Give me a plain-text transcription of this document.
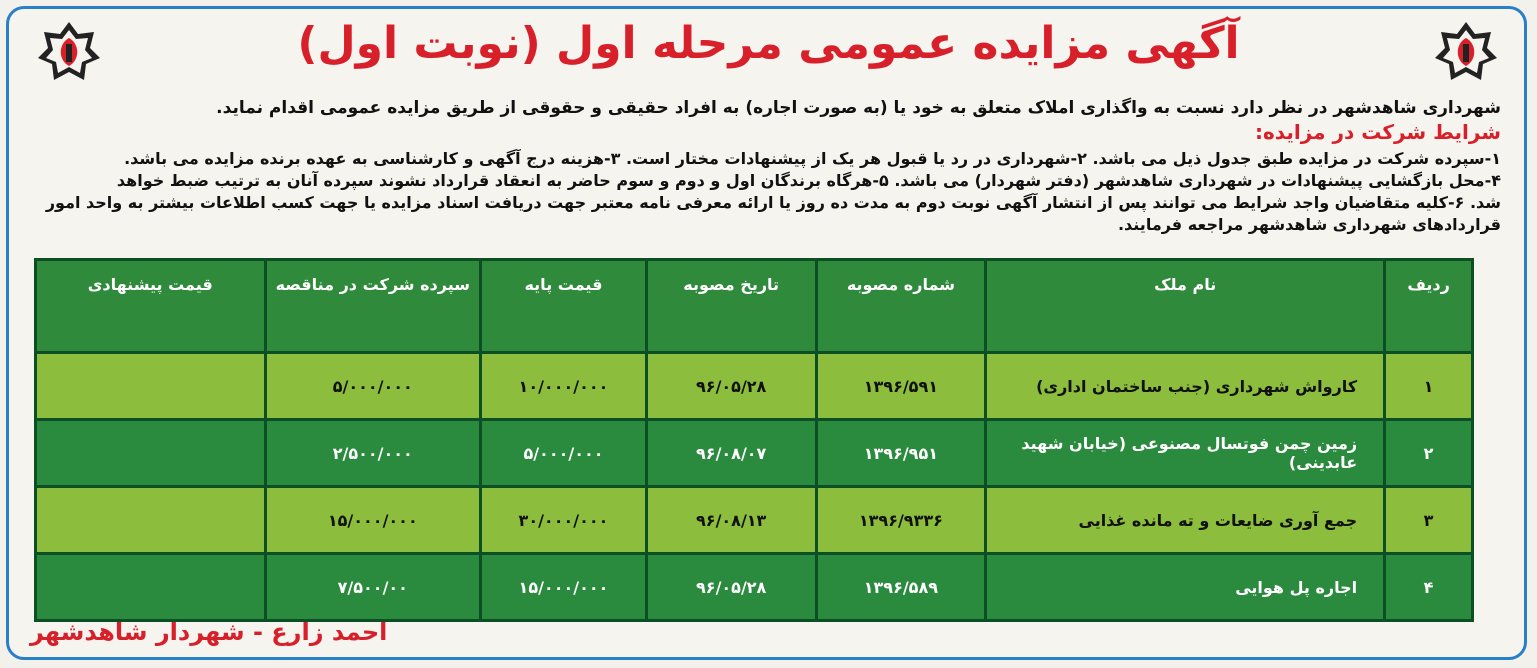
آگهی مزایده عمومی مرحله اول (نوبت اول)
شهرداری شاهدشهر در نظر دارد نسبت به واگذاری املاک متعلق به خود یا (به صورت اجاره) به افراد حقیقی و حقوقی از طریق مزایده عمومی اقدام نماید.
شرایط شرکت در مزایده:
۱-سپرده شرکت در مزایده طبق جدول ذیل می باشد. ۲-شهرداری در رد یا قبول هر یک از پیشنهادات مختار است. ۳-هزینه درج آگهی و کارشناسی به عهده برنده مزایده می باشد.
۴-محل بازگشایی پیشنهادات در شهرداری شاهدشهر (دفتر شهردار) می باشد. ۵-هرگاه برندگان اول و دوم و سوم حاضر به انعقاد قرارداد نشوند سپرده آنان به ترتیب ضبط خواهد
شد. ۶-کلیه متقاضیان واجد شرایط می توانند پس از انتشار آگهی نوبت دوم به مدت ده روز یا ارائه معرفی نامه معتبر جهت دریافت اسناد مزایده یا جهت کسب اطلاعات بیشتر به واحد امور
قراردادهای شهرداری شاهدشهر مراجعه فرمایند.
ردیف	نام ملک	شماره مصوبه	تاریخ مصوبه	قیمت پایه	سپرده شرکت در مناقصه	قیمت پیشنهادی
۱	کارواش شهرداری (جنب ساختمان اداری)	۱۳۹۶/۵۹۱	۹۶/۰۵/۲۸	۱۰/۰۰۰/۰۰۰	۵/۰۰۰/۰۰۰	
۲	زمین چمن فوتسال مصنوعی (خیابان شهید عابدینی)	۱۳۹۶/۹۵۱	۹۶/۰۸/۰۷	۵/۰۰۰/۰۰۰	۲/۵۰۰/۰۰۰	
۳	جمع آوری ضایعات و ته مانده غذایی	۱۳۹۶/۹۳۳۶	۹۶/۰۸/۱۳	۳۰/۰۰۰/۰۰۰	۱۵/۰۰۰/۰۰۰	
۴	اجاره پل هوایی	۱۳۹۶/۵۸۹	۹۶/۰۵/۲۸	۱۵/۰۰۰/۰۰۰	۷/۵۰۰/۰۰	
احمد زارع - شهردار شاهدشهر
